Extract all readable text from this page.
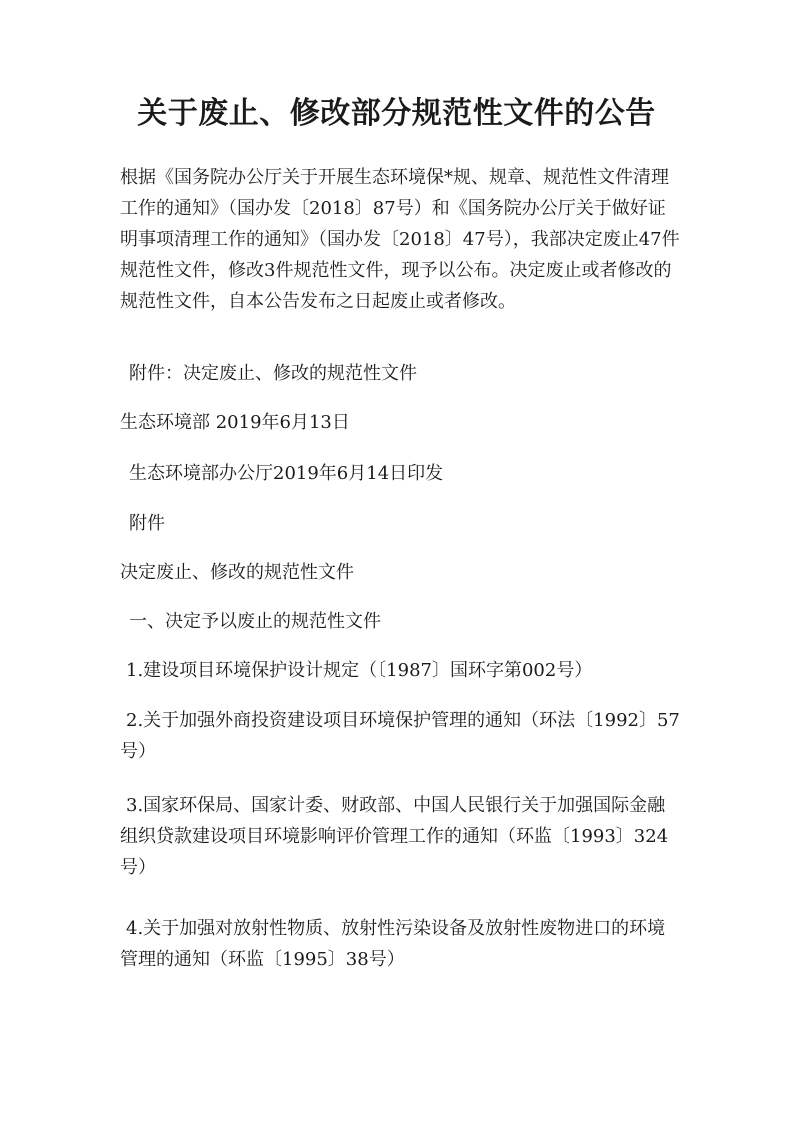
关于废止、修改部分规范性文件的公告

根据《国务院办公厅关于开展生态环境保*规、规章、规范性文件清理工作的通知》（国办发〔2018〕87号）和《国务院办公厅关于做好证明事项清理工作的通知》（国办发〔2018〕47号），我部决定废止47件规范性文件，修改3件规范性文件，现予以公布。决定废止或者修改的规范性文件，自本公告发布之日起废止或者修改。

附件：决定废止、修改的规范性文件
生态环境部 2019年6月13日
生态环境部办公厅2019年6月14日印发
附件
决定废止、修改的规范性文件
一、决定予以废止的规范性文件

1.建设项目环境保护设计规定（〔1987〕国环字第002号）

2.关于加强外商投资建设项目环境保护管理的通知（环法〔1992〕57号）

3.国家环保局、国家计委、财政部、中国人民银行关于加强国际金融组织贷款建设项目环境影响评价管理工作的通知（环监〔1993〕324号）

4.关于加强对放射性物质、放射性污染设备及放射性废物进口的环境管理的通知（环监〔1995〕38号）
